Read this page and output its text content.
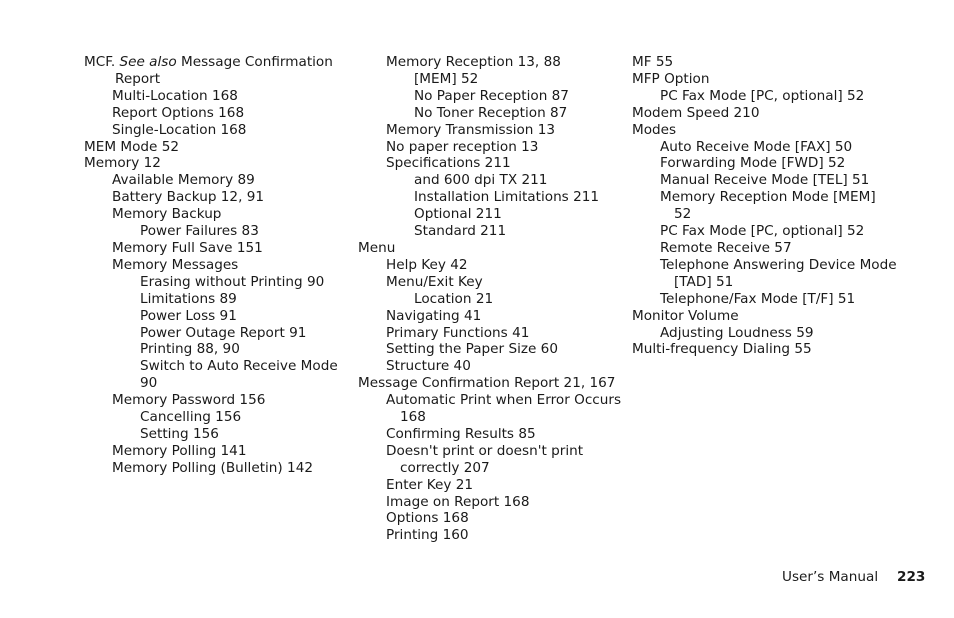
MCF. See also Message Confirmation
Report
Multi-Location 168
Report Options 168
Single-Location 168
MEM Mode 52
Memory 12
Available Memory 89
Battery Backup 12, 91
Memory Backup
Power Failures 83
Memory Full Save 151
Memory Messages
Erasing without Printing 90
Limitations 89
Power Loss 91
Power Outage Report 91
Printing 88, 90
Switch to Auto Receive Mode
90
Memory Password 156
Cancelling 156
Setting 156
Memory Polling 141
Memory Polling (Bulletin) 142
Memory Reception 13, 88
[MEM] 52
No Paper Reception 87
No Toner Reception 87
Memory Transmission 13
No paper reception 13
Specifications 211
and 600 dpi TX 211
Installation Limitations 211
Optional 211
Standard 211
Menu
Help Key 42
Menu/Exit Key
Location 21
Navigating 41
Primary Functions 41
Setting the Paper Size 60
Structure 40
Message Confirmation Report 21, 167
Automatic Print when Error Occurs
168
Confirming Results 85
Doesn't print or doesn't print
correctly 207
Enter Key 21
Image on Report 168
Options 168
Printing 160
MF 55
MFP Option
PC Fax Mode [PC, optional] 52
Modem Speed 210
Modes
Auto Receive Mode [FAX] 50
Forwarding Mode [FWD] 52
Manual Receive Mode [TEL] 51
Memory Reception Mode [MEM]
52
PC Fax Mode [PC, optional] 52
Remote Receive 57
Telephone Answering Device Mode
[TAD] 51
Telephone/Fax Mode [T/F] 51
Monitor Volume
Adjusting Loudness 59
Multi-frequency Dialing 55
User’s Manual 223
